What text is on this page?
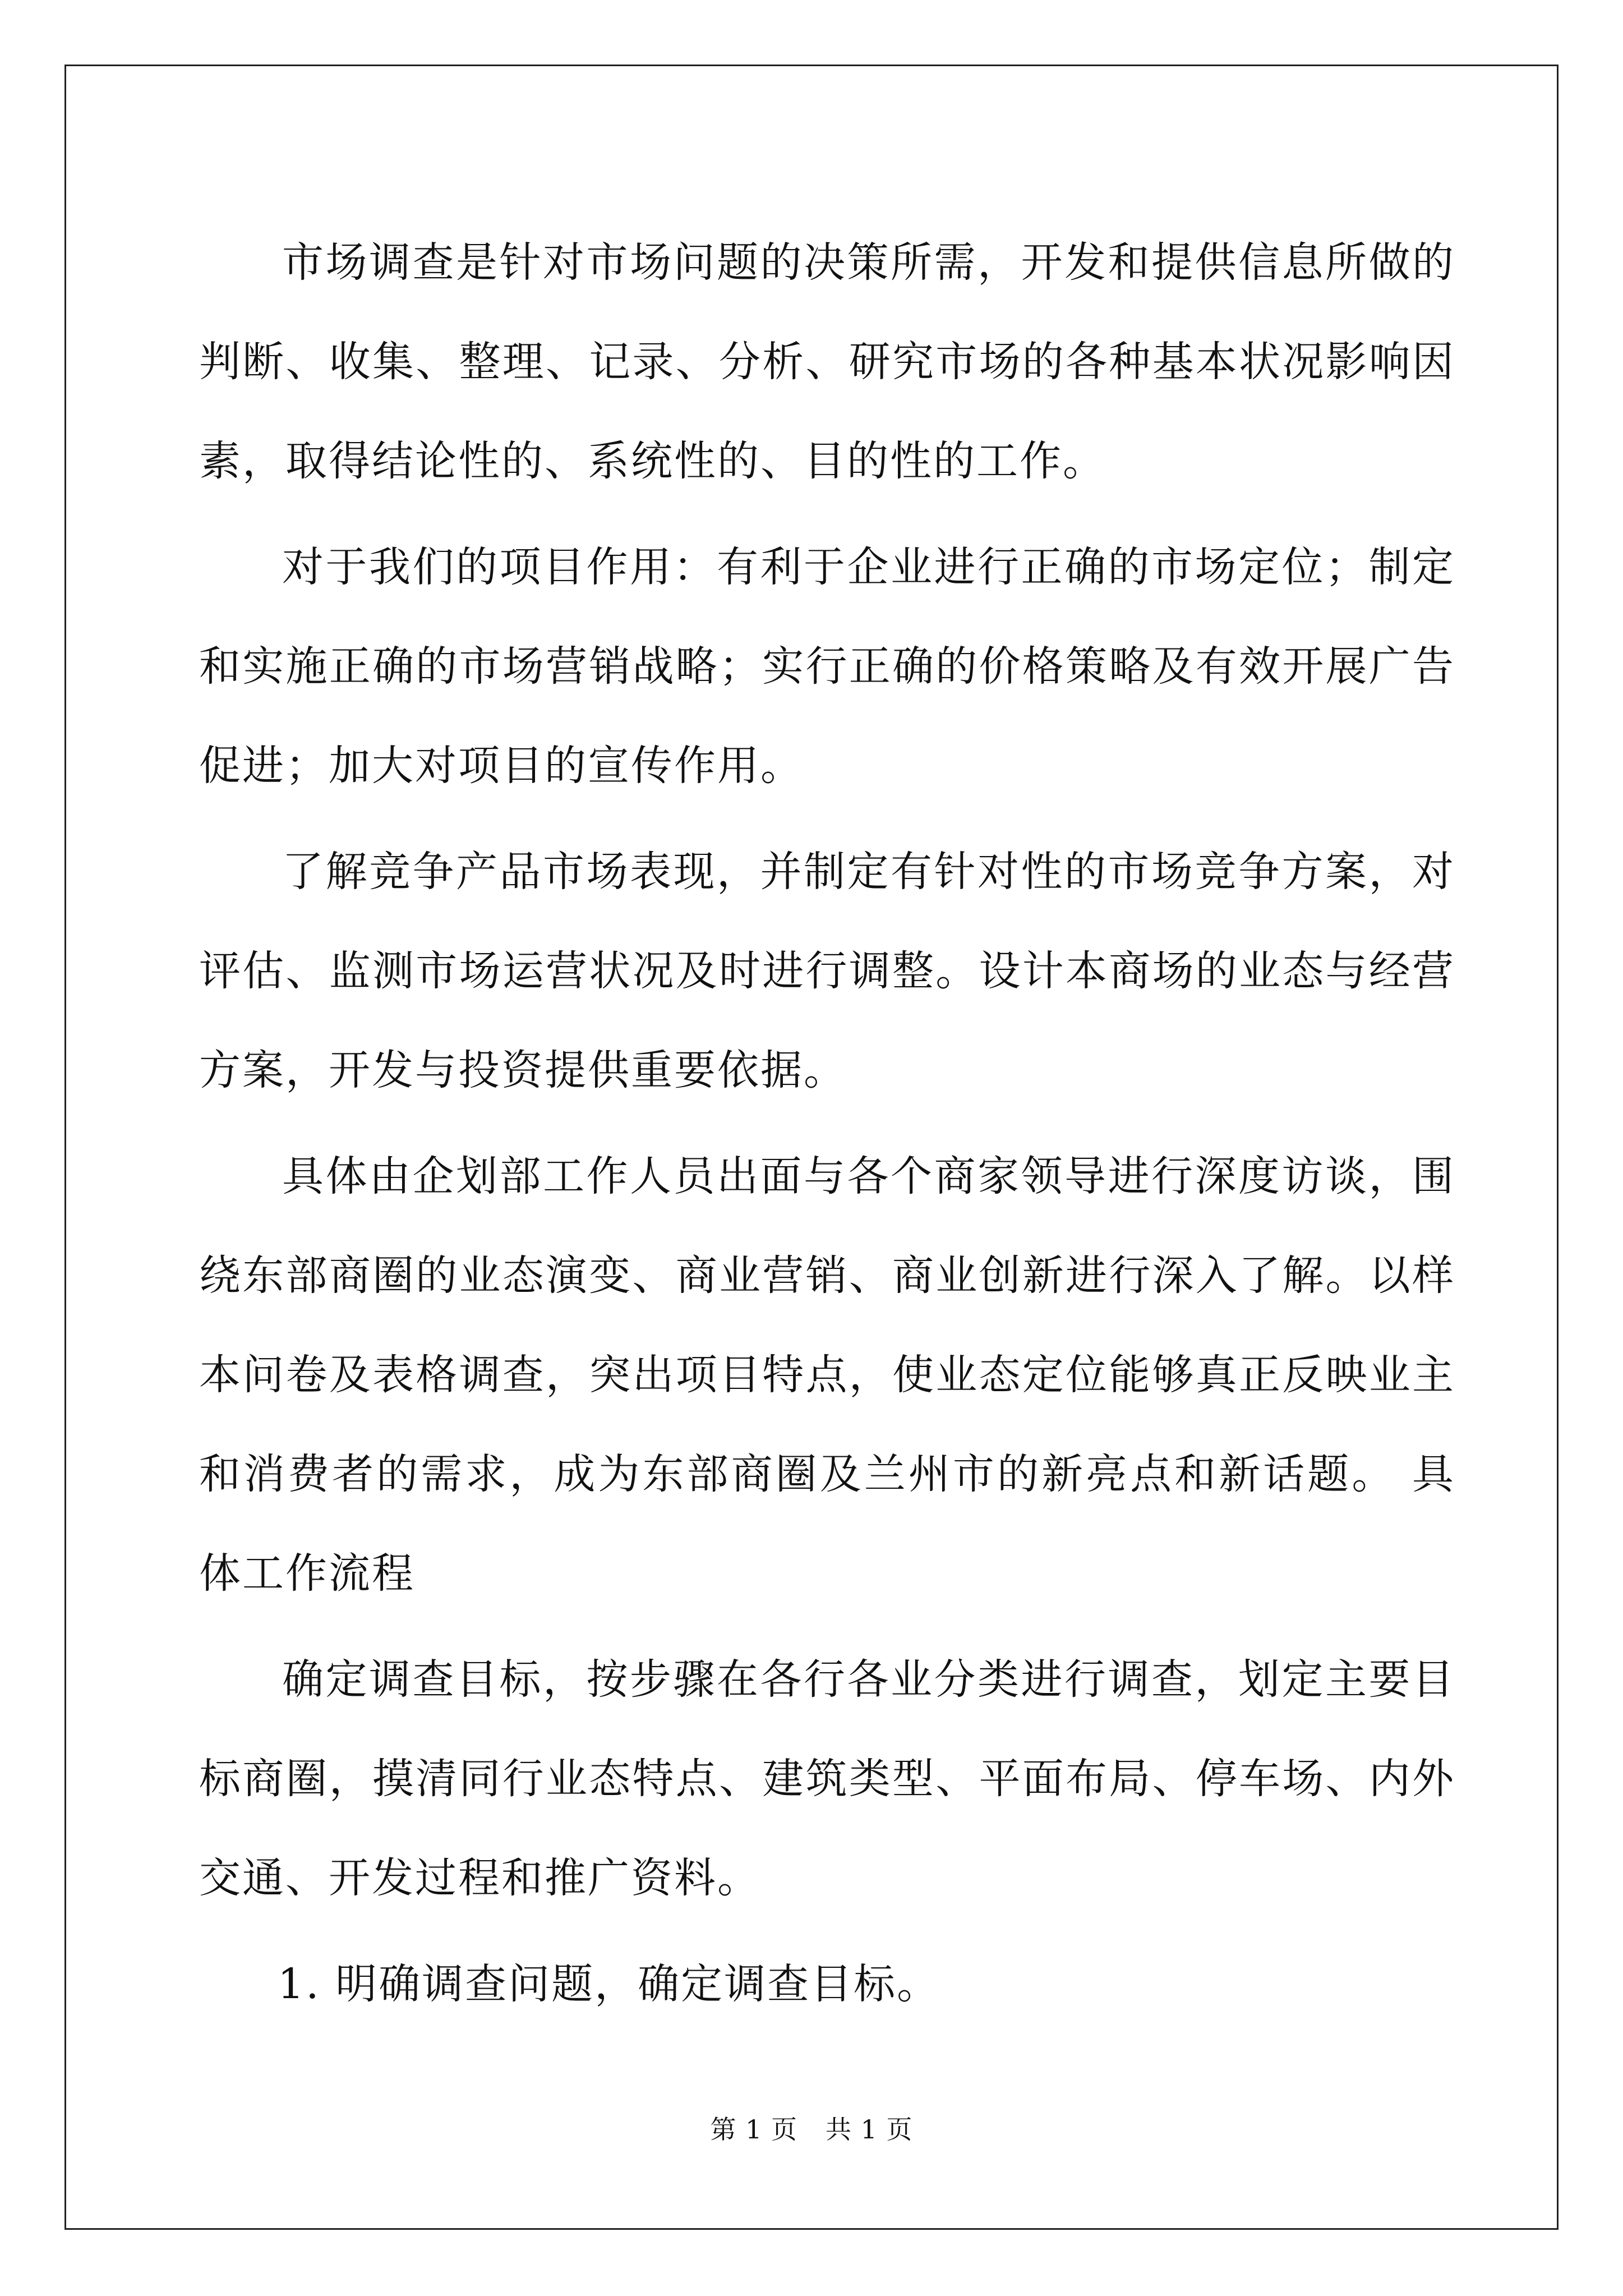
市场调查是针对市场问题的决策所需，开发和提供信息所做的判断、收集、整理、记录、分析、研究市场的各种基本状况影响因素，取得结论性的、系统性的、目的性的工作。

对于我们的项目作用：有利于企业进行正确的市场定位；制定和实施正确的市场营销战略；实行正确的价格策略及有效开展广告促进；加大对项目的宣传作用。

了解竞争产品市场表现，并制定有针对性的市场竞争方案，对评估、监测市场运营状况及时进行调整。设计本商场的业态与经营方案，开发与投资提供重要依据。

具体由企划部工作人员出面与各个商家领导进行深度访谈，围绕东部商圈的业态演变、商业营销、商业创新进行深入了解。以样本问卷及表格调查，突出项目特点，使业态定位能够真正反映业主和消费者的需求，成为东部商圈及兰州市的新亮点和新话题。 具体工作流程

确定调查目标，按步骤在各行各业分类进行调查，划定主要目标商圈，摸清同行业态特点、建筑类型、平面布局、停车场、内外交通、开发过程和推广资料。

1. 明确调查问题，确定调查目标。

第 1 页 共 1 页
